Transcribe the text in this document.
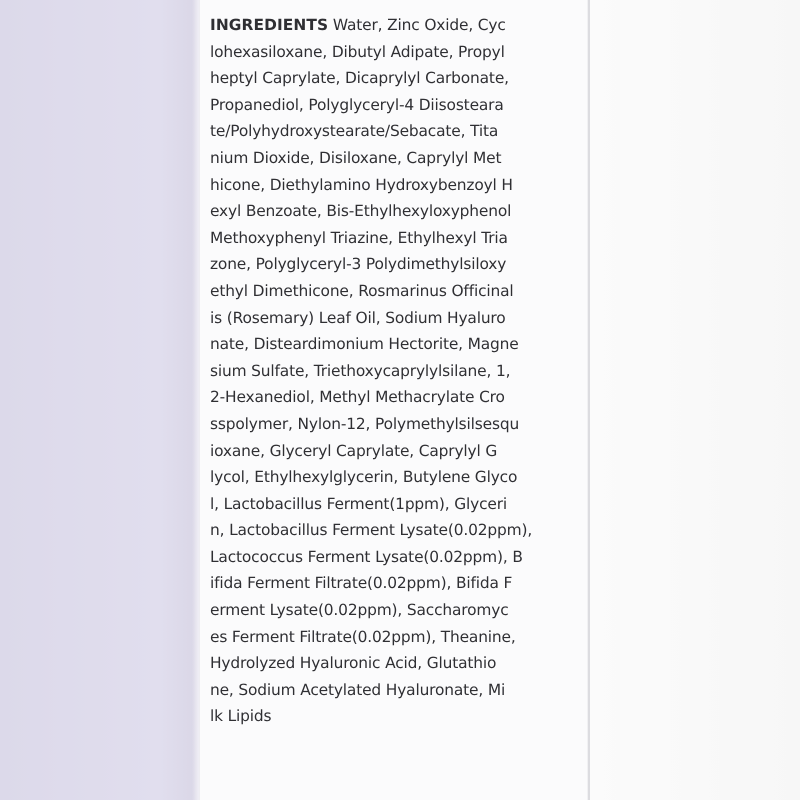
INGREDIENTS Water, Zinc Oxide, Cyc
lohexasiloxane, Dibutyl Adipate, Propyl
heptyl Caprylate, Dicaprylyl Carbonate,
Propanediol, Polyglyceryl-4 Diisosteara
te/Polyhydroxystearate/Sebacate, Tita
nium Dioxide, Disiloxane, Caprylyl Met
hicone, Diethylamino Hydroxybenzoyl H
exyl Benzoate, Bis-Ethylhexyloxyphenol
Methoxyphenyl Triazine, Ethylhexyl Tria
zone, Polyglyceryl-3 Polydimethylsiloxy
ethyl Dimethicone, Rosmarinus Officinal
is (Rosemary) Leaf Oil, Sodium Hyaluro
nate, Disteardimonium Hectorite, Magne
sium Sulfate, Triethoxycaprylylsilane, 1,
2-Hexanediol, Methyl Methacrylate Cro
sspolymer, Nylon-12, Polymethylsilsesqu
ioxane, Glyceryl Caprylate, Caprylyl G
lycol, Ethylhexylglycerin, Butylene Glyco
l, Lactobacillus Ferment(1ppm), Glyceri
n, Lactobacillus Ferment Lysate(0.02ppm),
Lactococcus Ferment Lysate(0.02ppm), B
ifida Ferment Filtrate(0.02ppm), Bifida F
erment Lysate(0.02ppm), Saccharomyc
es Ferment Filtrate(0.02ppm), Theanine,
Hydrolyzed Hyaluronic Acid, Glutathio
ne, Sodium Acetylated Hyaluronate, Mi
lk Lipids
